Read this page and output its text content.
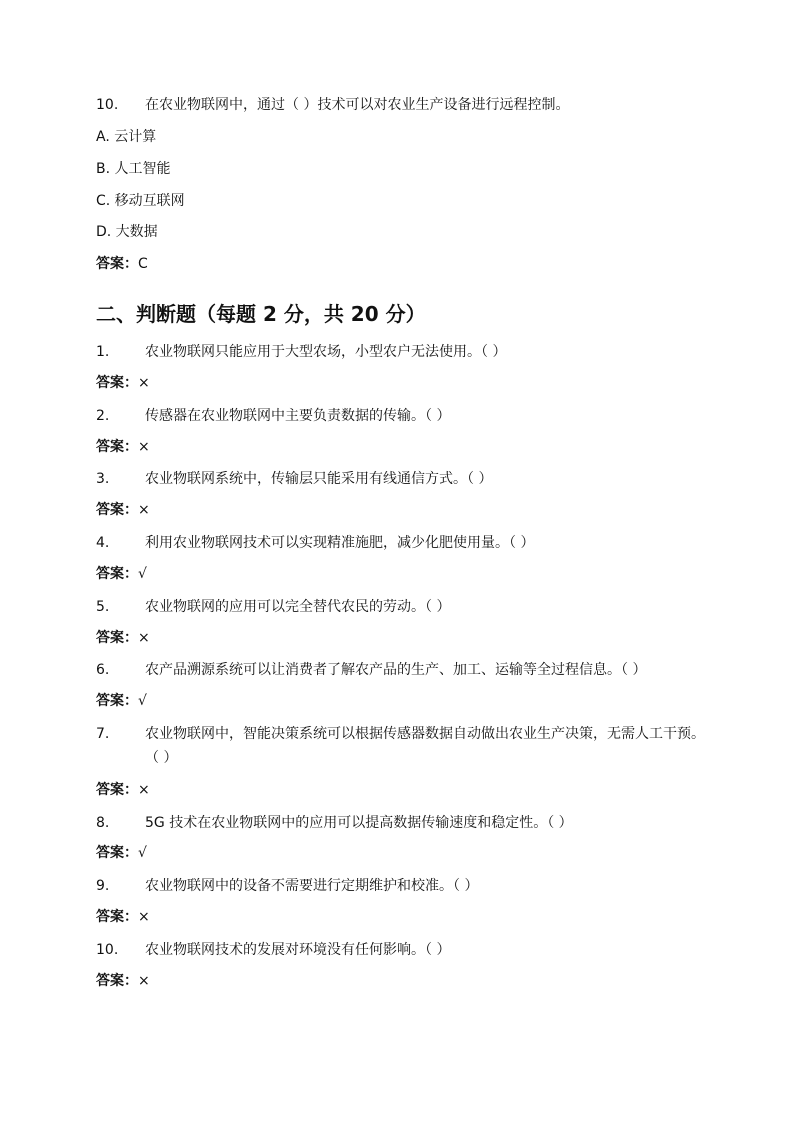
10. 在农业物联网中，通过（ ）技术可以对农业生产设备进行远程控制。
A. 云计算
B. 人工智能
C. 移动互联网
D. 大数据
答案：C
二、判断题（每题 2 分，共 20 分）
1.	农业物联网只能应用于大型农场，小型农户无法使用。（ ）
答案：×
2.	传感器在农业物联网中主要负责数据的传输。（ ）
答案：×
3.	农业物联网系统中，传输层只能采用有线通信方式。（ ）
答案：×
4.	利用农业物联网技术可以实现精准施肥，减少化肥使用量。（ ）
答案：√
5.	农业物联网的应用可以完全替代农民的劳动。（ ）
答案：×
6.	农产品溯源系统可以让消费者了解农产品的生产、加工、运输等全过程信息。（ ）
答案：√
7.	农业物联网中，智能决策系统可以根据传感器数据自动做出农业生产决策，无需人工干预。（ ）
答案：×
8.	5G 技术在农业物联网中的应用可以提高数据传输速度和稳定性。（ ）
答案：√
9.	农业物联网中的设备不需要进行定期维护和校准。（ ）
答案：×
10. 农业物联网技术的发展对环境没有任何影响。（ ）
答案：×
